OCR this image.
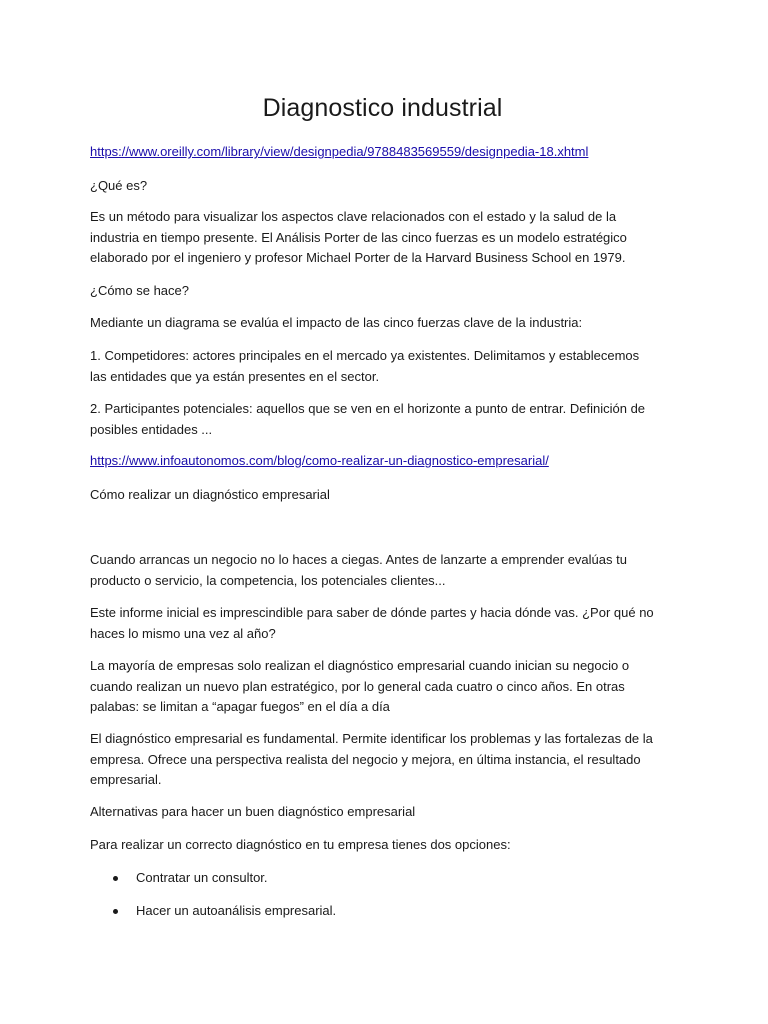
Diagnostico industrial

https://www.oreilly.com/library/view/designpedia/9788483569559/designpedia-18.xhtml

¿Qué es?

Es un método para visualizar los aspectos clave relacionados con el estado y la salud de la industria en tiempo presente. El Análisis Porter de las cinco fuerzas es un modelo estratégico elaborado por el ingeniero y profesor Michael Porter de la Harvard Business School en 1979.

¿Cómo se hace?

Mediante un diagrama se evalúa el impacto de las cinco fuerzas clave de la industria:

1. Competidores: actores principales en el mercado ya existentes. Delimitamos y establecemos las entidades que ya están presentes en el sector.

2. Participantes potenciales: aquellos que se ven en el horizonte a punto de entrar. Definición de posibles entidades ...

https://www.infoautonomos.com/blog/como-realizar-un-diagnostico-empresarial/

Cómo realizar un diagnóstico empresarial

Cuando arrancas un negocio no lo haces a ciegas. Antes de lanzarte a emprender evalúas tu producto o servicio, la competencia, los potenciales clientes...

Este informe inicial es imprescindible para saber de dónde partes y hacia dónde vas. ¿Por qué no haces lo mismo una vez al año?

La mayoría de empresas solo realizan el diagnóstico empresarial cuando inician su negocio o cuando realizan un nuevo plan estratégico, por lo general cada cuatro o cinco años. En otras palabas: se limitan a “apagar fuegos” en el día a día

El diagnóstico empresarial es fundamental. Permite identificar los problemas y las fortalezas de la empresa. Ofrece una perspectiva realista del negocio y mejora, en última instancia, el resultado empresarial.

Alternativas para hacer un buen diagnóstico empresarial

Para realizar un correcto diagnóstico en tu empresa tienes dos opciones:

Contratar un consultor.
Hacer un autoanálisis empresarial.
